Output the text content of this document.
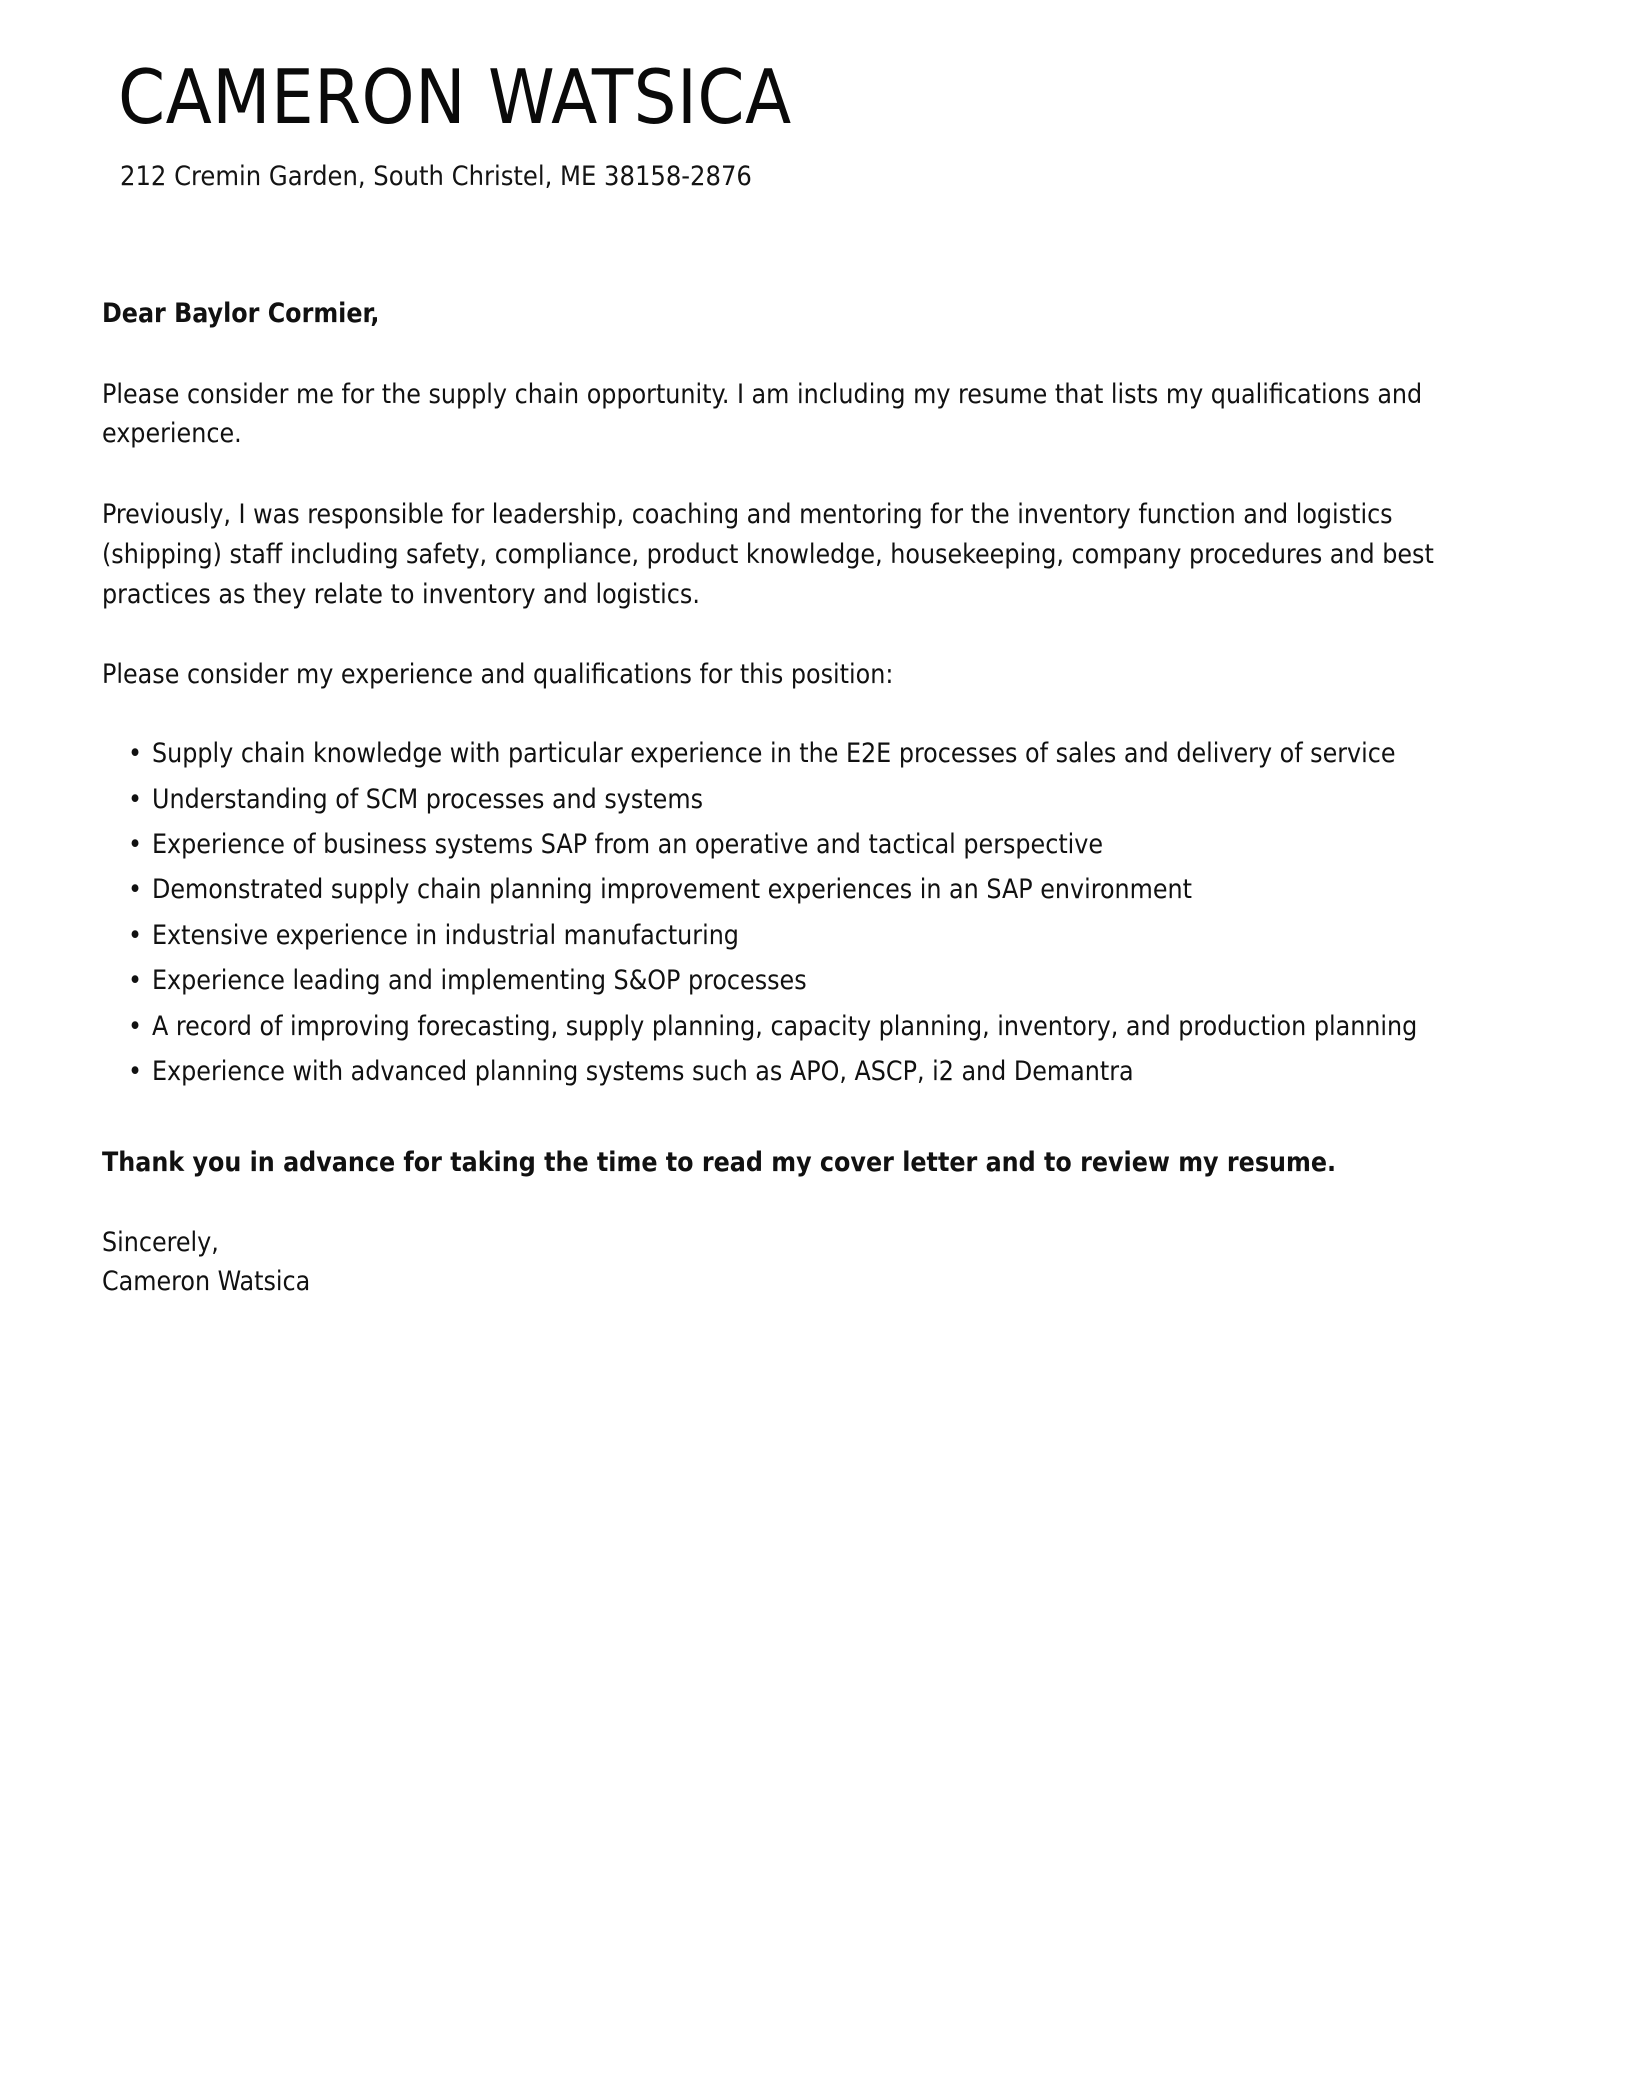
CAMERON WATSICA
212 Cremin Garden, South Christel, ME 38158-2876

Dear Baylor Cormier,

Please consider me for the supply chain opportunity. I am including my resume that lists my qualifications and experience.

Previously, I was responsible for leadership, coaching and mentoring for the inventory function and logistics (shipping) staff including safety, compliance, product knowledge, housekeeping, company procedures and best practices as they relate to inventory and logistics.

Please consider my experience and qualifications for this position:

• Supply chain knowledge with particular experience in the E2E processes of sales and delivery of service
• Understanding of SCM processes and systems
• Experience of business systems SAP from an operative and tactical perspective
• Demonstrated supply chain planning improvement experiences in an SAP environment
• Extensive experience in industrial manufacturing
• Experience leading and implementing S&OP processes
• A record of improving forecasting, supply planning, capacity planning, inventory, and production planning
• Experience with advanced planning systems such as APO, ASCP, i2 and Demantra

Thank you in advance for taking the time to read my cover letter and to review my resume.

Sincerely,
Cameron Watsica
